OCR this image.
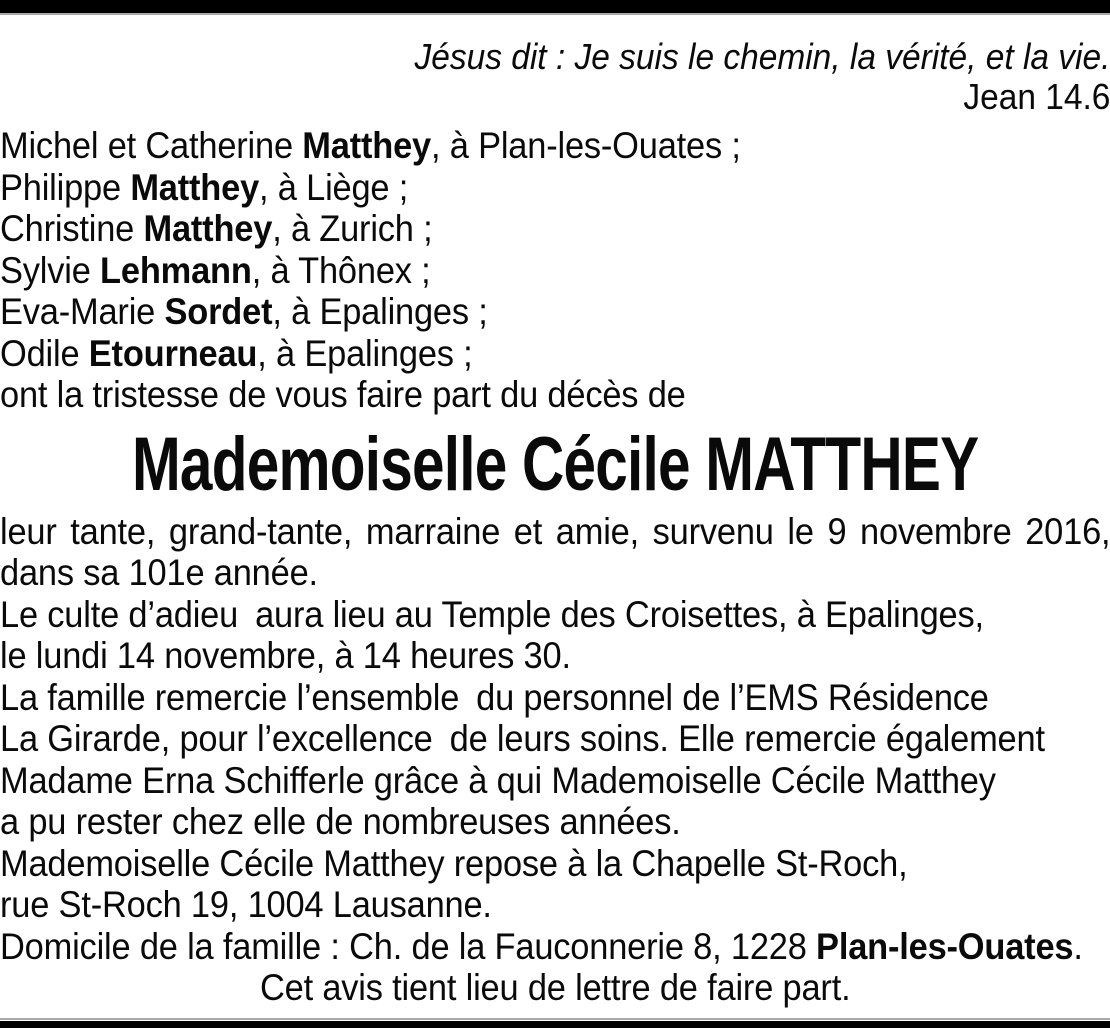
Jésus dit : Je suis le chemin, la vérité, et la vie.
Jean 14.6
Michel et Catherine Matthey, à Plan-les-Ouates ;
Philippe Matthey, à Liège ;
Christine Matthey, à Zurich ;
Sylvie Lehmann, à Thônex ;
Eva-Marie Sordet, à Epalinges ;
Odile Etourneau, à Epalinges ;
ont la tristesse de vous faire part du décès de
Mademoiselle Cécile MATTHEY
leur tante, grand-tante, marraine et amie, survenu le 9 novembre 2016,
dans sa 101e année.
Le culte d’adieu aura lieu au Temple des Croisettes, à Epalinges,
le lundi 14 novembre, à 14 heures 30.
La famille remercie l’ensemble du personnel de l’EMS Résidence
La Girarde, pour l’excellence de leurs soins. Elle remercie également
Madame Erna Schifferle grâce à qui Mademoiselle Cécile Matthey
a pu rester chez elle de nombreuses années.
Mademoiselle Cécile Matthey repose à la Chapelle St-Roch,
rue St-Roch 19, 1004 Lausanne.
Domicile de la famille : Ch. de la Fauconnerie 8, 1228 Plan-les-Ouates.
Cet avis tient lieu de lettre de faire part.
